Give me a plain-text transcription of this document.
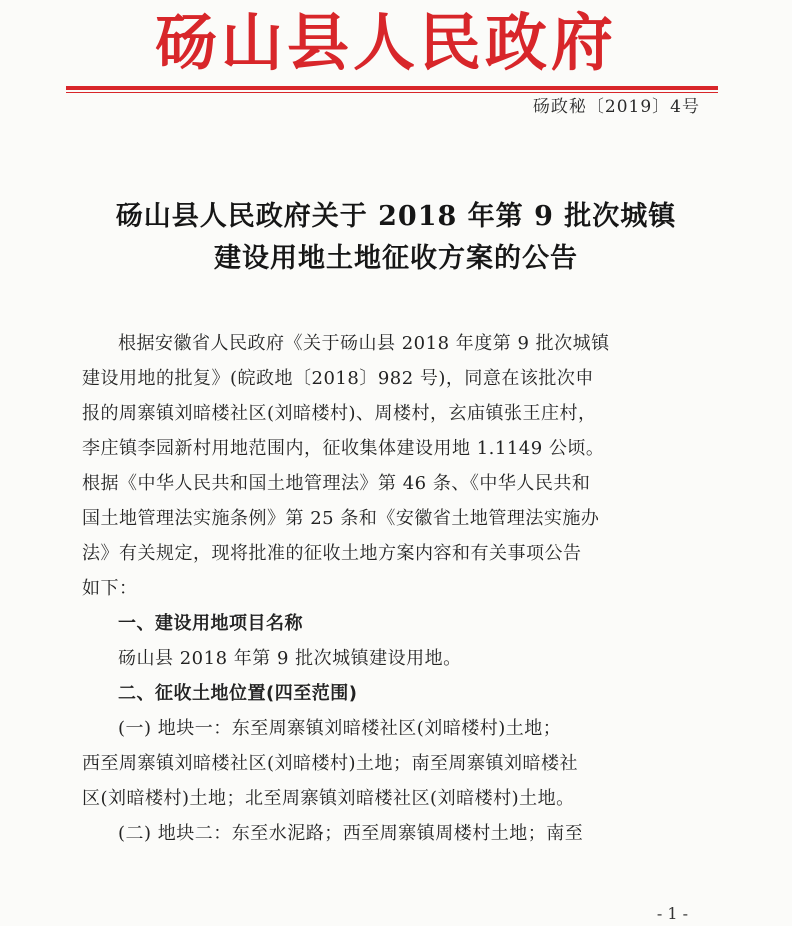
砀山县人民政府
砀政秘〔2019〕4号
砀山县人民政府关于 2018 年第 9 批次城镇
建设用地土地征收方案的公告
根据安徽省人民政府《关于砀山县 2018 年度第 9 批次城镇
建设用地的批复》(皖政地〔2018〕982 号)，同意在该批次申
报的周寨镇刘暗楼社区(刘暗楼村)、周楼村，玄庙镇张王庄村，
李庄镇李园新村用地范围内，征收集体建设用地 1.1149 公顷。
根据《中华人民共和国土地管理法》第 46 条、《中华人民共和
国土地管理法实施条例》第 25 条和《安徽省土地管理法实施办
法》有关规定，现将批准的征收土地方案内容和有关事项公告
如下：
一、建设用地项目名称
砀山县 2018 年第 9 批次城镇建设用地。
二、征收土地位置(四至范围)
(一) 地块一：东至周寨镇刘暗楼社区(刘暗楼村)土地；
西至周寨镇刘暗楼社区(刘暗楼村)土地；南至周寨镇刘暗楼社
区(刘暗楼村)土地；北至周寨镇刘暗楼社区(刘暗楼村)土地。
(二) 地块二：东至水泥路；西至周寨镇周楼村土地；南至
- 1 -
